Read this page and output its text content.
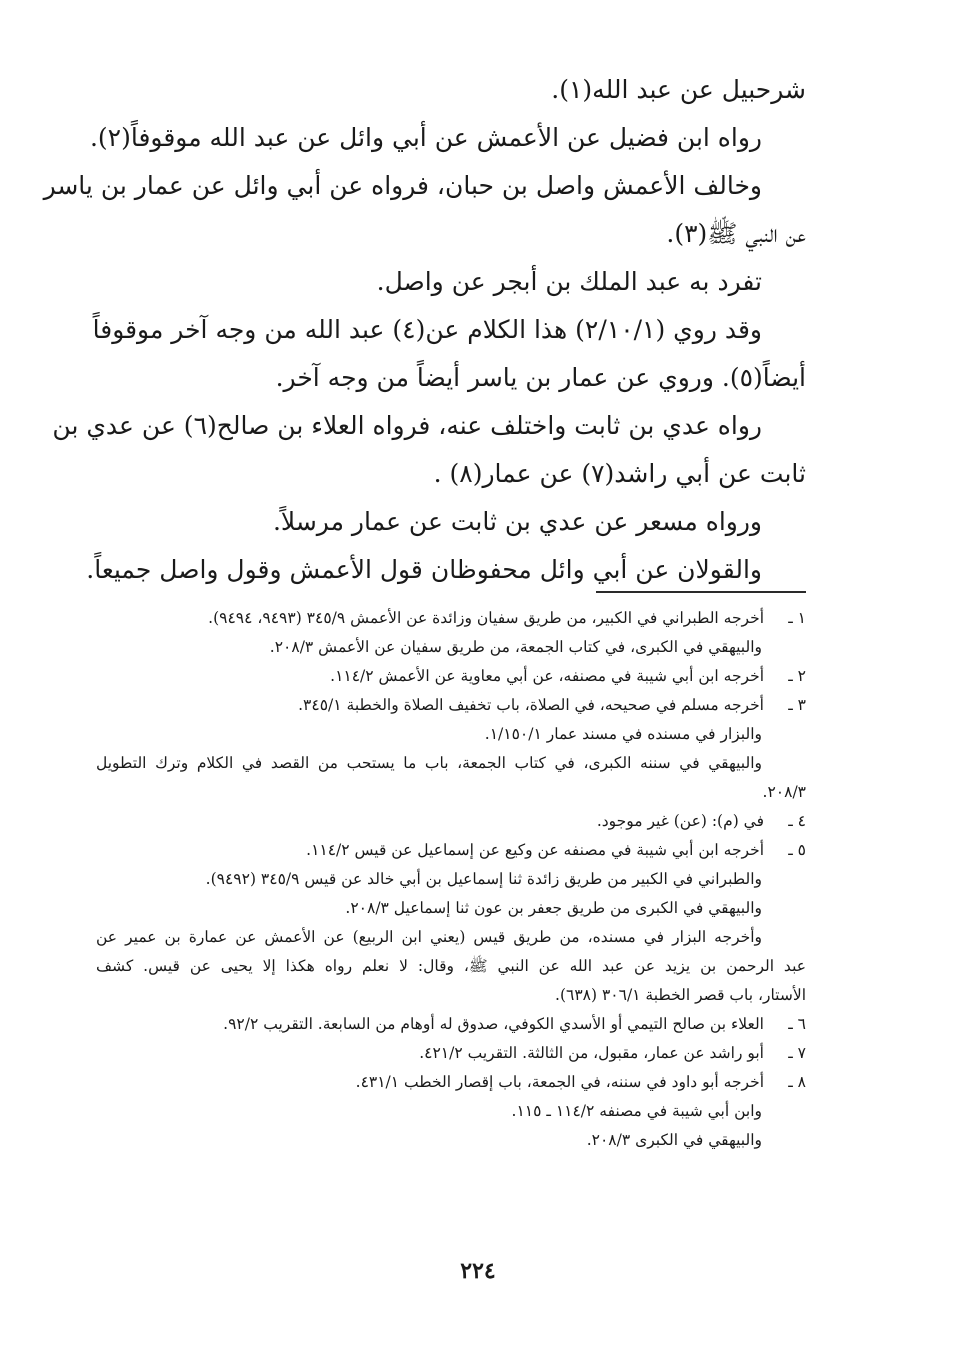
شرحبيل عن عبد الله(١).
رواه ابن فضيل عن الأعمش عن أبي وائل عن عبد الله موقوفاً(٢).
وخالف الأعمش واصل بن حبان، فرواه عن أبي وائل عن عمار بن ياسر
عن النبي ﷺ(٣).
تفرد به عبد الملك بن أبجر عن واصل.
وقد روي (٢/١٠/١) هذا الكلام عن(٤) عبد الله من وجه آخر موقوفاً
أيضاً(٥). وروي عن عمار بن ياسر أيضاً من وجه آخر.
رواه عدي بن ثابت واختلف عنه، فرواه العلاء بن صالح(٦) عن عدي بن
ثابت عن أبي راشد(٧) عن عمار(٨) .
ورواه مسعر عن عدي بن ثابت عن عمار مرسلاً.
والقولان عن أبي وائل محفوظان قول الأعمش وقول واصل جميعاً.
١ ـأخرجه الطبراني في الكبير، من طريق سفيان وزائدة عن الأعمش ٣٤٥/٩ (٩٤٩٣، ٩٤٩٤).
والبيهقي في الكبرى، في كتاب الجمعة، من طريق سفيان عن الأعمش ٢٠٨/٣.
٢ ـأخرجه ابن أبي شيبة في مصنفه، عن أبي معاوية عن الأعمش ١١٤/٢.
٣ ـأخرجه مسلم في صحيحه، في الصلاة، باب تخفيف الصلاة والخطبة ٣٤٥/١.
والبزار في مسنده في مسند عمار ١/١٥٠/١.
والبيهقي في سننه الكبرى، في كتاب الجمعة، باب ما يستحب من القصد في الكلام وترك التطويل
٢٠٨/٣.
٤ ـفي (م): (عن) غير موجود.
٥ ـأخرجه ابن أبي شيبة في مصنفه عن وكيع عن إسماعيل عن قيس ١١٤/٢.
والطبراني في الكبير من طريق زائدة ثنا إسماعيل بن أبي خالد عن قيس ٣٤٥/٩ (٩٤٩٢).
والبيهقي في الكبرى من طريق جعفر بن عون ثنا إسماعيل ٢٠٨/٣.
وأخرجه البزار في مسنده، من طريق قيس (يعني ابن الربيع) عن الأعمش عن عمارة بن عمير عن
عبد الرحمن بن يزيد عن عبد الله عن النبي ﷺ، وقال: لا نعلم رواه هكذا إلا يحيى عن قيس. كشف
الأستار، باب قصر الخطبة ٣٠٦/١ (٦٣٨).
٦ ـالعلاء بن صالح التيمي أو الأسدي الكوفي، صدوق له أوهام من السابعة. التقريب ٩٢/٢.
٧ ـأبو راشد عن عمار، مقبول، من الثالثة. التقريب ٤٢١/٢.
٨ ـأخرجه أبو داود في سننه، في الجمعة، باب إقصار الخطب ٤٣١/١.
وابن أبي شيبة في مصنفه ١١٤/٢ ـ ١١٥.
والبيهقي في الكبرى ٢٠٨/٣.
٢٢٤
